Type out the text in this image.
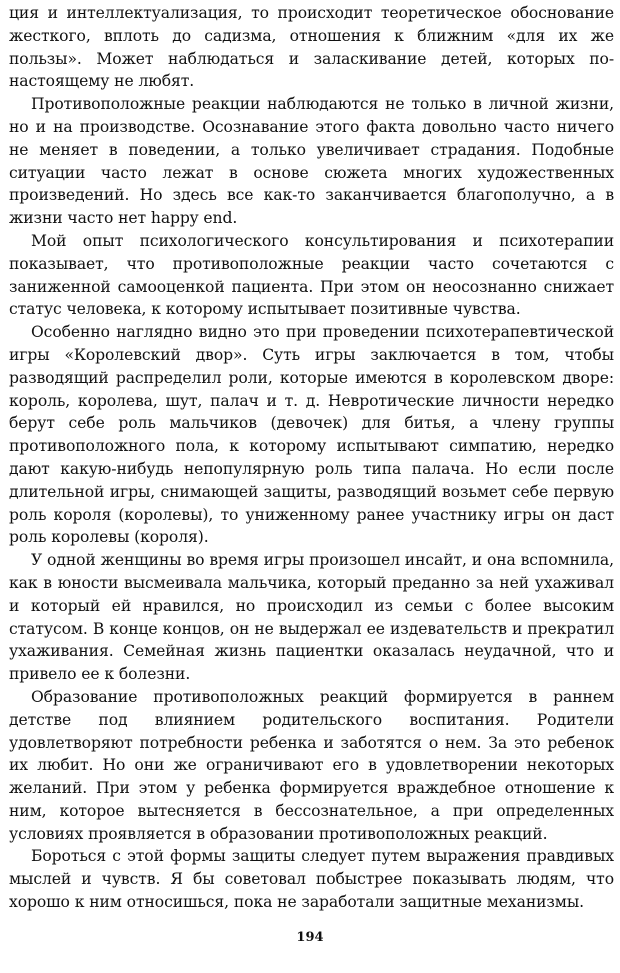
ция и интеллектуализация, то происходит теоретическое обоснование жесткого, вплоть до садизма, отношения к ближним «для их же пользы». Может наблюдаться и заласкивание детей, которых по-настоящему не любят.

Противоположные реакции наблюдаются не только в личной жизни, но и на производстве. Осознавание этого факта довольно часто ничего не меняет в поведении, а только увеличивает страдания. Подобные ситуации часто лежат в основе сюжета многих художественных произведений. Но здесь все как-то заканчивается благополучно, а в жизни часто нет happy end.

Мой опыт психологического консультирования и психотерапии показывает, что противоположные реакции часто сочетаются с заниженной самооценкой пациента. При этом он неосознанно снижает статус человека, к которому испытывает позитивные чувства.

Особенно наглядно видно это при проведении психотерапевтической игры «Королевский двор». Суть игры заключается в том, чтобы разводящий распределил роли, которые имеются в королевском дворе: король, королева, шут, палач и т. д. Невротические личности нередко берут себе роль мальчиков (девочек) для битья, а члену группы противоположного пола, к которому испытывают симпатию, нередко дают какую-нибудь непопулярную роль типа палача. Но если после длительной игры, снимающей защиты, разводящий возьмет себе первую роль короля (королевы), то униженному ранее участнику игры он даст роль королевы (короля).

У одной женщины во время игры произошел инсайт, и она вспомнила, как в юности высмеивала мальчика, который преданно за ней ухаживал и который ей нравился, но происходил из семьи с более высоким статусом. В конце концов, он не выдержал ее издевательств и прекратил ухаживания. Семейная жизнь пациентки оказалась неудачной, что и привело ее к болезни.

Образование противоположных реакций формируется в раннем детстве под влиянием родительского воспитания. Родители удовлетворяют потребности ребенка и заботятся о нем. За это ребенок их любит. Но они же ограничивают его в удовлетворении некоторых желаний. При этом у ребенка формируется враждебное отношение к ним, которое вытесняется в бессознательное, а при определенных условиях проявляется в образовании противоположных реакций.

Бороться с этой формы защиты следует путем выражения правдивых мыслей и чувств. Я бы советовал побыстрее показывать людям, что хорошо к ним относишься, пока не заработали защитные механизмы.

194
